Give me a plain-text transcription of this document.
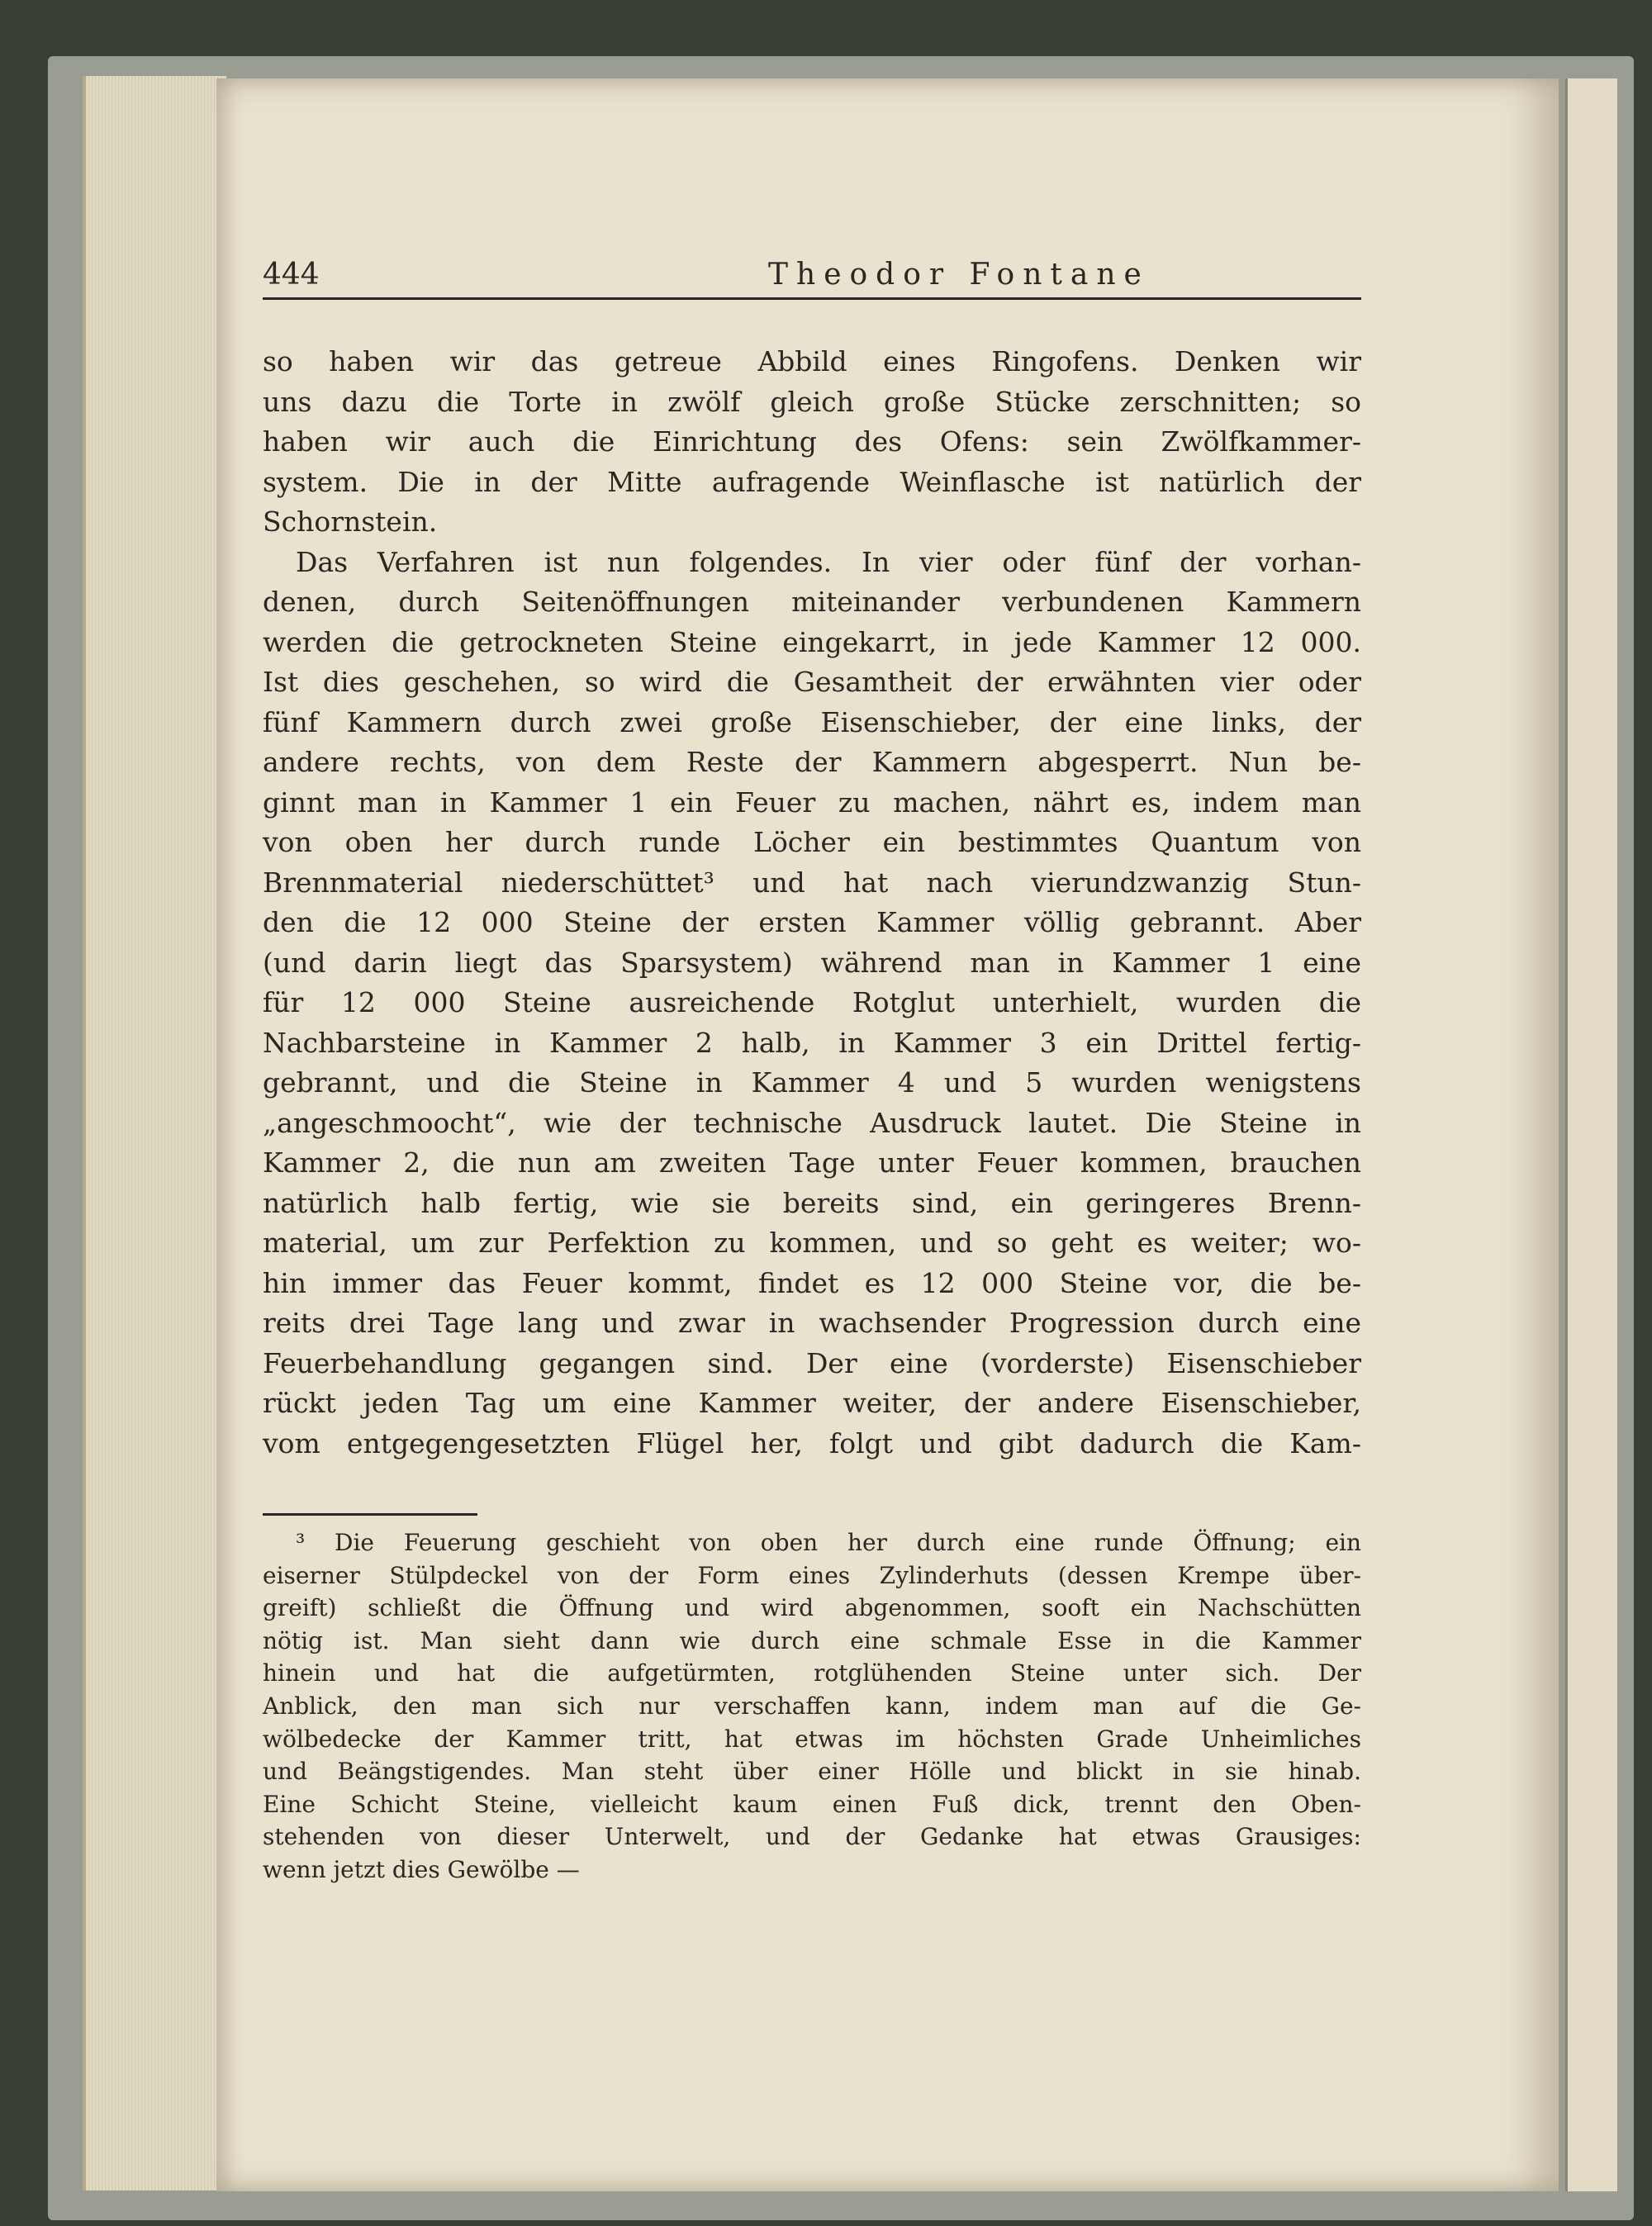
444	Theodor Fontane
so haben wir das getreue Abbild eines Ringofens. Denken wir
uns dazu die Torte in zwölf gleich große Stücke zerschnitten; so
haben wir auch die Einrichtung des Ofens: sein Zwölfkammer-
system. Die in der Mitte aufragende Weinflasche ist natürlich der
Schornstein.
Das Verfahren ist nun folgendes. In vier oder fünf der vorhan-
denen, durch Seitenöffnungen miteinander verbundenen Kammern
werden die getrockneten Steine eingekarrt, in jede Kammer 12 000.
Ist dies geschehen, so wird die Gesamtheit der erwähnten vier oder
fünf Kammern durch zwei große Eisenschieber, der eine links, der
andere rechts, von dem Reste der Kammern abgesperrt. Nun be-
ginnt man in Kammer 1 ein Feuer zu machen, nährt es, indem man
von oben her durch runde Löcher ein bestimmtes Quantum von
Brennmaterial niederschüttet³ und hat nach vierundzwanzig Stun-
den die 12 000 Steine der ersten Kammer völlig gebrannt. Aber
(und darin liegt das Sparsystem) während man in Kammer 1 eine
für 12 000 Steine ausreichende Rotglut unterhielt, wurden die
Nachbarsteine in Kammer 2 halb, in Kammer 3 ein Drittel fertig-
gebrannt, und die Steine in Kammer 4 und 5 wurden wenigstens
„angeschmoocht“, wie der technische Ausdruck lautet. Die Steine in
Kammer 2, die nun am zweiten Tage unter Feuer kommen, brauchen
natürlich halb fertig, wie sie bereits sind, ein geringeres Brenn-
material, um zur Perfektion zu kommen, und so geht es weiter; wo-
hin immer das Feuer kommt, findet es 12 000 Steine vor, die be-
reits drei Tage lang und zwar in wachsender Progression durch eine
Feuerbehandlung gegangen sind. Der eine (vorderste) Eisenschieber
rückt jeden Tag um eine Kammer weiter, der andere Eisenschieber,
vom entgegengesetzten Flügel her, folgt und gibt dadurch die Kam-
³ Die Feuerung geschieht von oben her durch eine runde Öffnung; ein
eiserner Stülpdeckel von der Form eines Zylinderhuts (dessen Krempe über-
greift) schließt die Öffnung und wird abgenommen, sooft ein Nachschütten
nötig ist. Man sieht dann wie durch eine schmale Esse in die Kammer
hinein und hat die aufgetürmten, rotglühenden Steine unter sich. Der
Anblick, den man sich nur verschaffen kann, indem man auf die Ge-
wölbedecke der Kammer tritt, hat etwas im höchsten Grade Unheimliches
und Beängstigendes. Man steht über einer Hölle und blickt in sie hinab.
Eine Schicht Steine, vielleicht kaum einen Fuß dick, trennt den Oben-
stehenden von dieser Unterwelt, und der Gedanke hat etwas Grausiges:
wenn jetzt dies Gewölbe —
